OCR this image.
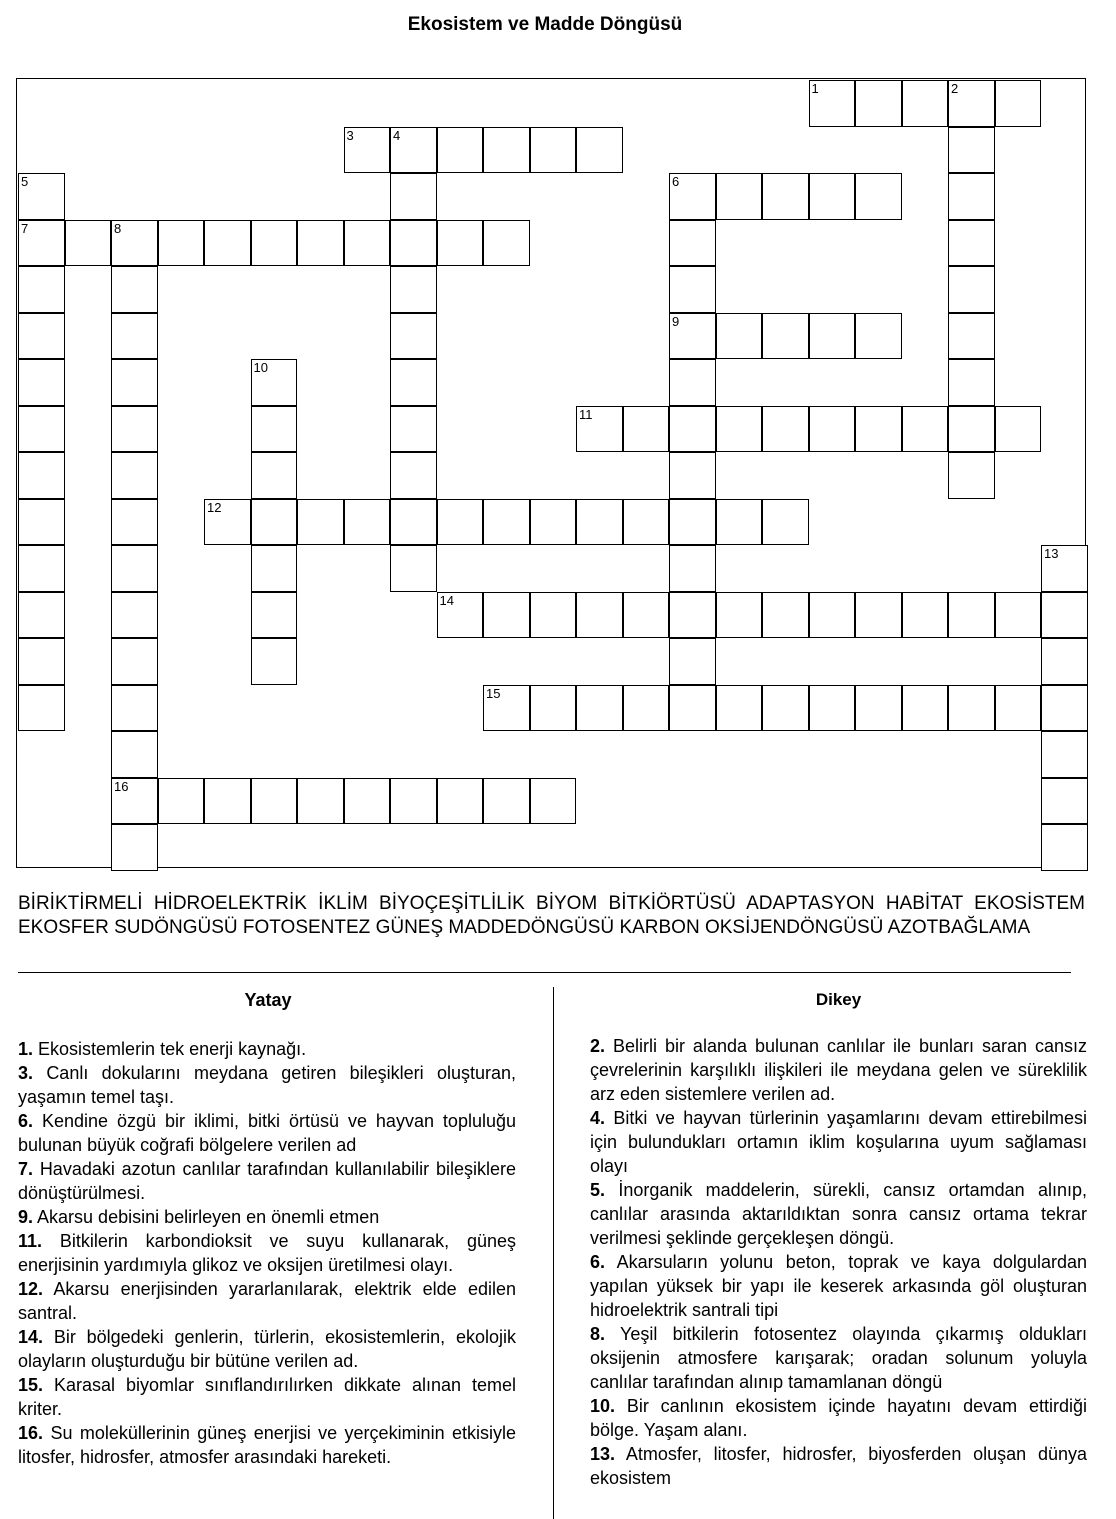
Ekosistem ve Madde Döngüsü
1	2
3	4
6
7	8
9
11
12
14
15
16
5
10
13
BİRİKTİRMELİ HİDROELEKTRİK İKLİM BİYOÇEŞİTLİLİK BİYOM BİTKİÖRTÜSÜ ADAPTASYON HABİTAT EKOSİSTEM EKOSFER SUDÖNGÜSÜ FOTOSENTEZ GÜNEŞ MADDEDÖNGÜSÜ KARBON OKSİJENDÖNGÜSÜ AZOTBAĞLAMA
Yatay	Dikey
1. Ekosistemlerin tek enerji kaynağı.
3. Canlı dokularını meydana getiren bileşikleri oluşturan, yaşamın temel taşı.
6. Kendine özgü bir iklimi, bitki örtüsü ve hayvan topluluğu bulunan büyük coğrafi bölgelere verilen ad
7. Havadaki azotun canlılar tarafından kullanılabilir bileşiklere dönüştürülmesi.
9. Akarsu debisini belirleyen en önemli etmen
11. Bitkilerin karbondioksit ve suyu kullanarak, güneş enerjisinin yardımıyla glikoz ve oksijen üretilmesi olayı.
12. Akarsu enerjisinden yararlanılarak, elektrik elde edilen santral.
14. Bir bölgedeki genlerin, türlerin, ekosistemlerin, ekolojik olayların oluşturduğu bir bütüne verilen ad.
15. Karasal biyomlar sınıflandırılırken dikkate alınan temel kriter.
16. Su moleküllerinin güneş enerjisi ve yerçekiminin etkisiyle litosfer, hidrosfer, atmosfer arasındaki hareketi.
2. Belirli bir alanda bulunan canlılar ile bunları saran cansız çevrelerinin karşılıklı ilişkileri ile meydana gelen ve süreklilik arz eden sistemlere verilen ad.
4. Bitki ve hayvan türlerinin yaşamlarını devam ettirebilmesi için bulundukları ortamın iklim koşularına uyum sağlaması olayı
5. İnorganik maddelerin, sürekli, cansız ortamdan alınıp, canlılar arasında aktarıldıktan sonra cansız ortama tekrar verilmesi şeklinde gerçekleşen döngü.
6. Akarsuların yolunu beton, toprak ve kaya dolgulardan yapılan yüksek bir yapı ile keserek arkasında göl oluşturan hidroelektrik santrali tipi
8. Yeşil bitkilerin fotosentez olayında çıkarmış oldukları oksijenin atmosfere karışarak; oradan solunum yoluyla canlılar tarafından alınıp tamamlanan döngü
10. Bir canlının ekosistem içinde hayatını devam ettirdiği bölge. Yaşam alanı.
13. Atmosfer, litosfer, hidrosfer, biyosferden oluşan dünya ekosistem
